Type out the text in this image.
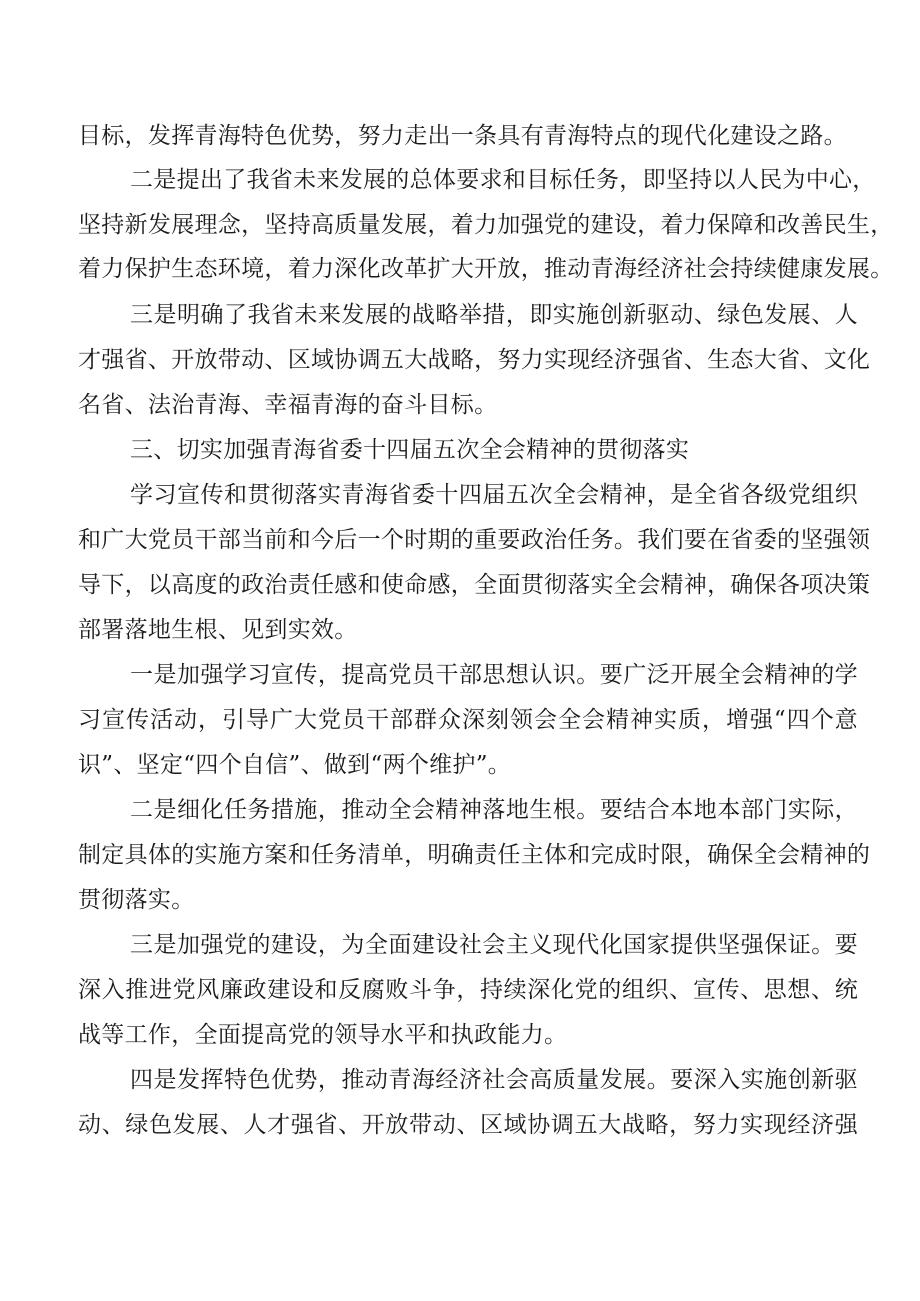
目标，发挥青海特色优势，努力走出一条具有青海特点的现代化建设之路。
二是提出了我省未来发展的总体要求和目标任务，即坚持以人民为中心，
坚持新发展理念，坚持高质量发展，着力加强党的建设，着力保障和改善民生，
着力保护生态环境，着力深化改革扩大开放，推动青海经济社会持续健康发展。
三是明确了我省未来发展的战略举措，即实施创新驱动、绿色发展、人
才强省、开放带动、区域协调五大战略，努力实现经济强省、生态大省、文化
名省、法治青海、幸福青海的奋斗目标。
三、切实加强青海省委十四届五次全会精神的贯彻落实
学习宣传和贯彻落实青海省委十四届五次全会精神，是全省各级党组织
和广大党员干部当前和今后一个时期的重要政治任务。我们要在省委的坚强领
导下，以高度的政治责任感和使命感，全面贯彻落实全会精神，确保各项决策
部署落地生根、见到实效。
一是加强学习宣传，提高党员干部思想认识。要广泛开展全会精神的学
习宣传活动，引导广大党员干部群众深刻领会全会精神实质，增强“四个意
识”、坚定“四个自信”、做到“两个维护”。
二是细化任务措施，推动全会精神落地生根。要结合本地本部门实际，
制定具体的实施方案和任务清单，明确责任主体和完成时限，确保全会精神的
贯彻落实。
三是加强党的建设，为全面建设社会主义现代化国家提供坚强保证。要
深入推进党风廉政建设和反腐败斗争，持续深化党的组织、宣传、思想、统
战等工作，全面提高党的领导水平和执政能力。
四是发挥特色优势，推动青海经济社会高质量发展。要深入实施创新驱
动、绿色发展、人才强省、开放带动、区域协调五大战略，努力实现经济强
